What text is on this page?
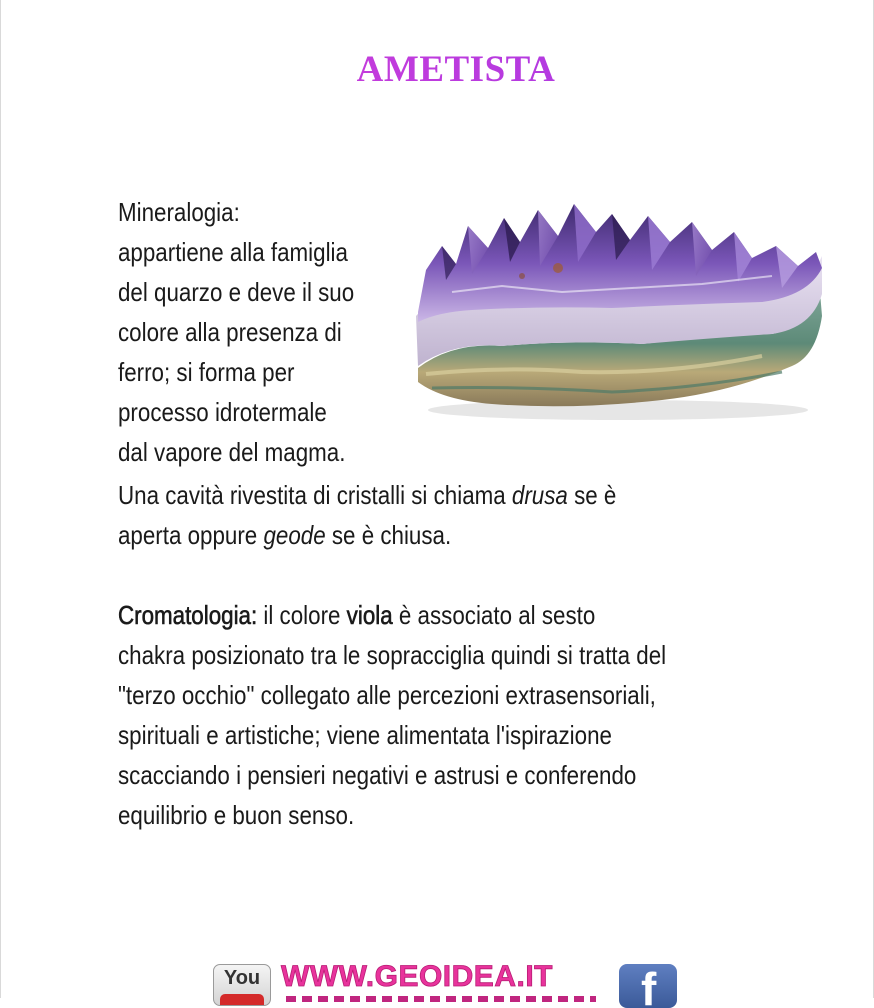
AMETISTA
Mineralogia:
appartiene alla famiglia
del quarzo e deve il suo
colore alla presenza di
ferro; si forma per
processo idrotermale
dal vapore del magma.
Una cavità rivestita di cristalli si chiama drusa se è
aperta oppure geode se è chiusa.
Cromatologia: il colore viola è associato al sesto
chakra posizionato tra le sopracciglia quindi si tratta del
"terzo occhio" collegato alle percezioni extrasensoriali,
spirituali e artistiche; viene alimentata l'ispirazione
scacciando i pensieri negativi e astrusi e conferendo
equilibrio e buon senso.
You WWW.GEOIDEA.IT f
